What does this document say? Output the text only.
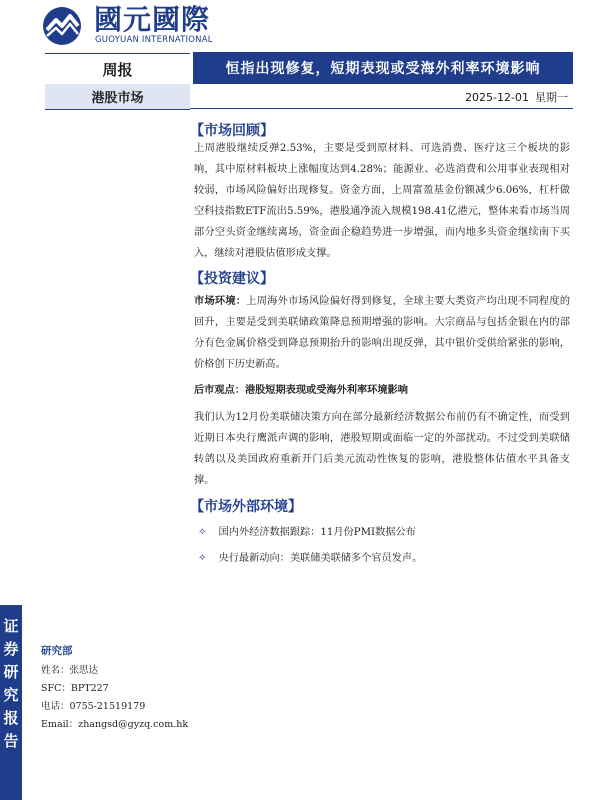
國元國際
GUOYUAN INTERNATIONAL
周报	恒指出现修复，短期表现或受海外利率环境影响
港股市场	2025-12-01 星期一
【市场回顾】
上周港股继续反弹2.53%，主要是受到原材料、可选消费、医疗这三个板块的影响，其中原材料板块上涨幅度达到4.28%；能源业、必选消费和公用事业表现相对较弱，市场风险偏好出现修复。资金方面，上周富盈基金份额减少6.06%，杠杆做空科技指数ETF流出5.59%，港股通净流入规模198.41亿港元，整体来看市场当周部分空头资金继续离场，资金面企稳趋势进一步增强，而内地多头资金继续南下买入，继续对港股估值形成支撑。
【投资建议】
市场环境：上周海外市场风险偏好得到修复，全球主要大类资产均出现不同程度的回升，主要是受到美联储政策降息预期增强的影响。大宗商品与包括金银在内的部分有色金属价格受到降息预期抬升的影响出现反弹，其中银价受供给紧张的影响，价格创下历史新高。
后市观点：港股短期表现或受海外利率环境影响
我们认为12月份美联储决策方向在部分最新经济数据公布前仍有不确定性，而受到近期日本央行鹰派声调的影响，港股短期或面临一定的外部扰动。不过受到美联储转鸽以及美国政府重新开门后美元流动性恢复的影响，港股整体估值水平具备支撑。
【市场外部环境】
✧ 国内外经济数据跟踪：11月份PMI数据公布
✧ 央行最新动向：美联储美联储多个官员发声。
证
券
研
究
报
告
研究部
姓名：张思达
SFC：BPT227
电话：0755-21519179
Email：zhangsd@gyzq.com.hk
